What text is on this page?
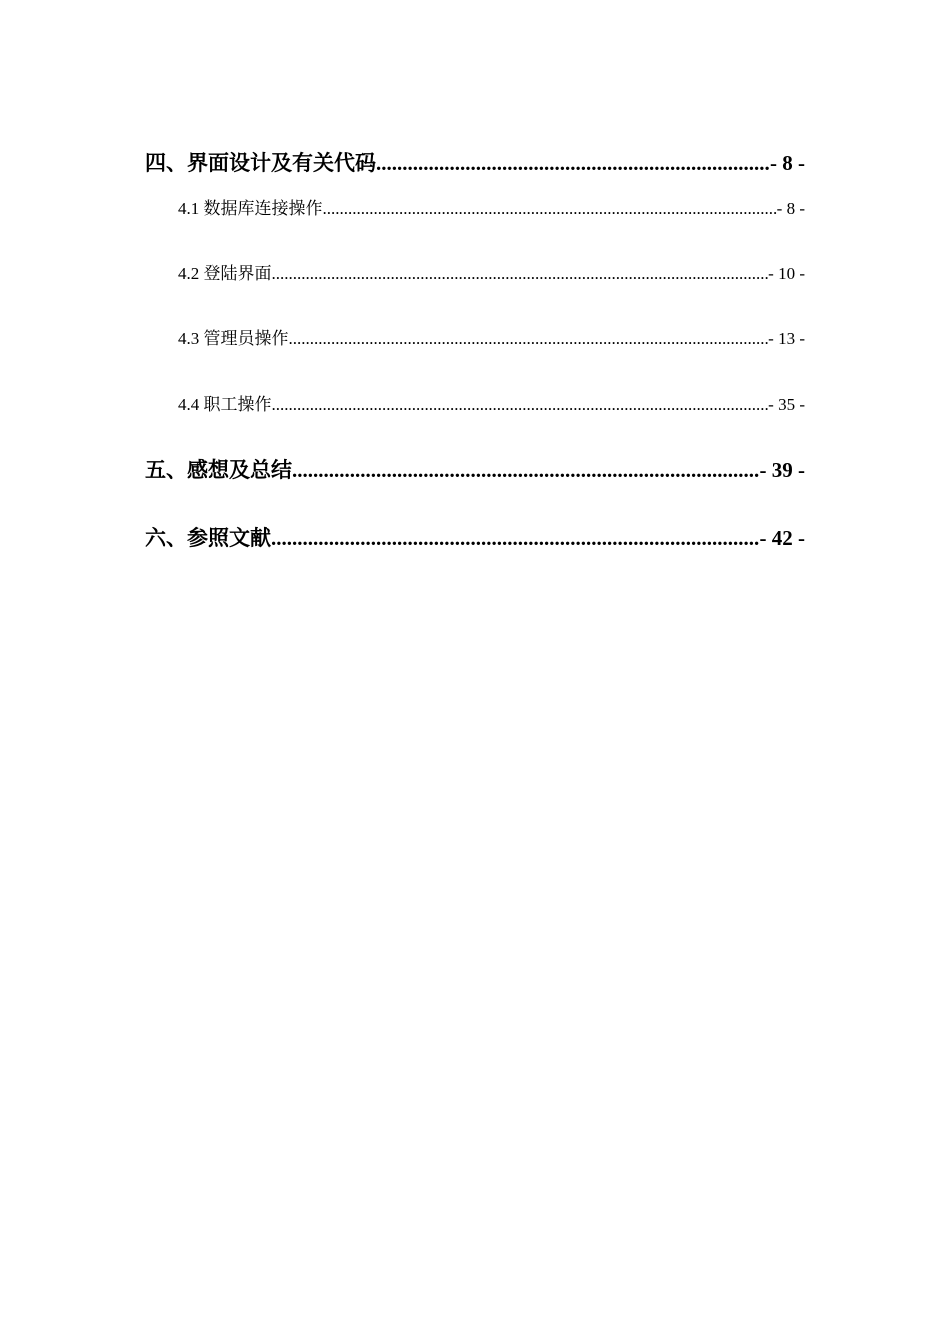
四、界面设计及有关代码 .....	- 8 -
4.1 数据库连接操作 .....	- 8 -
4.2 登陆界面 .....	- 10 -
4.3 管理员操作 .....	- 13 -
4.4 职工操作 .....	- 35 -
五、感想及总结 .....	- 39 -
六、参照文献 .....	- 42 -
